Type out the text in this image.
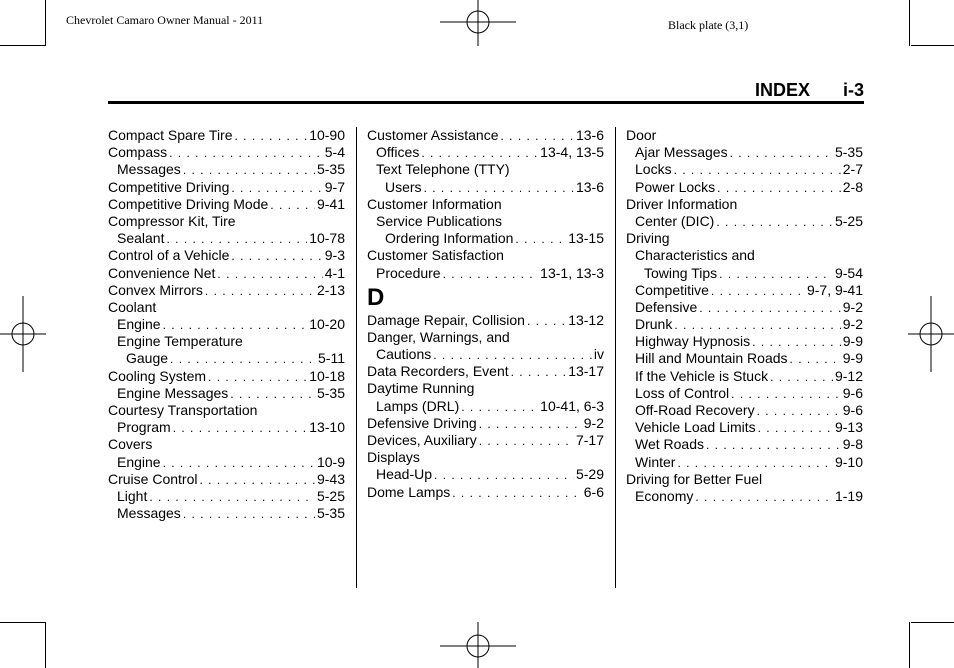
Chevrolet Camaro Owner Manual - 2011	Black plate (3,1)
INDEX i-3
Compact Spare Tire . . .	10-90
Compass . . .	5-4
Messages . . .	5-35
Competitive Driving . . .	9-7
Competitive Driving Mode . . .	9-41
Compressor Kit, Tire
Sealant . . .	10-78
Control of a Vehicle . . .	9-3
Convenience Net . . .	4-1
Convex Mirrors . . .	2-13
Coolant
Engine . . .	10-20
Engine Temperature
Gauge . . .	5-11
Cooling System . . .	10-18
Engine Messages . . .	5-35
Courtesy Transportation
Program . . .	13-10
Covers
Engine . . .	10-9
Cruise Control . . .	9-43
Light . . .	5-25
Messages . . .	5-35
Customer Assistance . . .	13-6
Offices . . .	13-4, 13-5
Text Telephone (TTY)
Users . . .	13-6
Customer Information
Service Publications
Ordering Information . . .	13-15
Customer Satisfaction
Procedure . . .	13-1, 13-3
D
Damage Repair, Collision . . .	13-12
Danger, Warnings, and
Cautions . . .	iv
Data Recorders, Event . . .	13-17
Daytime Running
Lamps (DRL) . . .	10-41, 6-3
Defensive Driving . . .	9-2
Devices, Auxiliary . . .	7-17
Displays
Head-Up . . .	5-29
Dome Lamps . . .	6-6
Door
Ajar Messages . . .	5-35
Locks . . .	2-7
Power Locks . . .	2-8
Driver Information
Center (DIC) . . .	5-25
Driving
Characteristics and
Towing Tips . . .	9-54
Competitive . . .	9-7, 9-41
Defensive . . .	9-2
Drunk . . .	9-2
Highway Hypnosis . . .	9-9
Hill and Mountain Roads . . .	9-9
If the Vehicle is Stuck . . .	9-12
Loss of Control . . .	9-6
Off-Road Recovery . . .	9-6
Vehicle Load Limits . . .	9-13
Wet Roads . . .	9-8
Winter . . .	9-10
Driving for Better Fuel
Economy . . .	1-19
